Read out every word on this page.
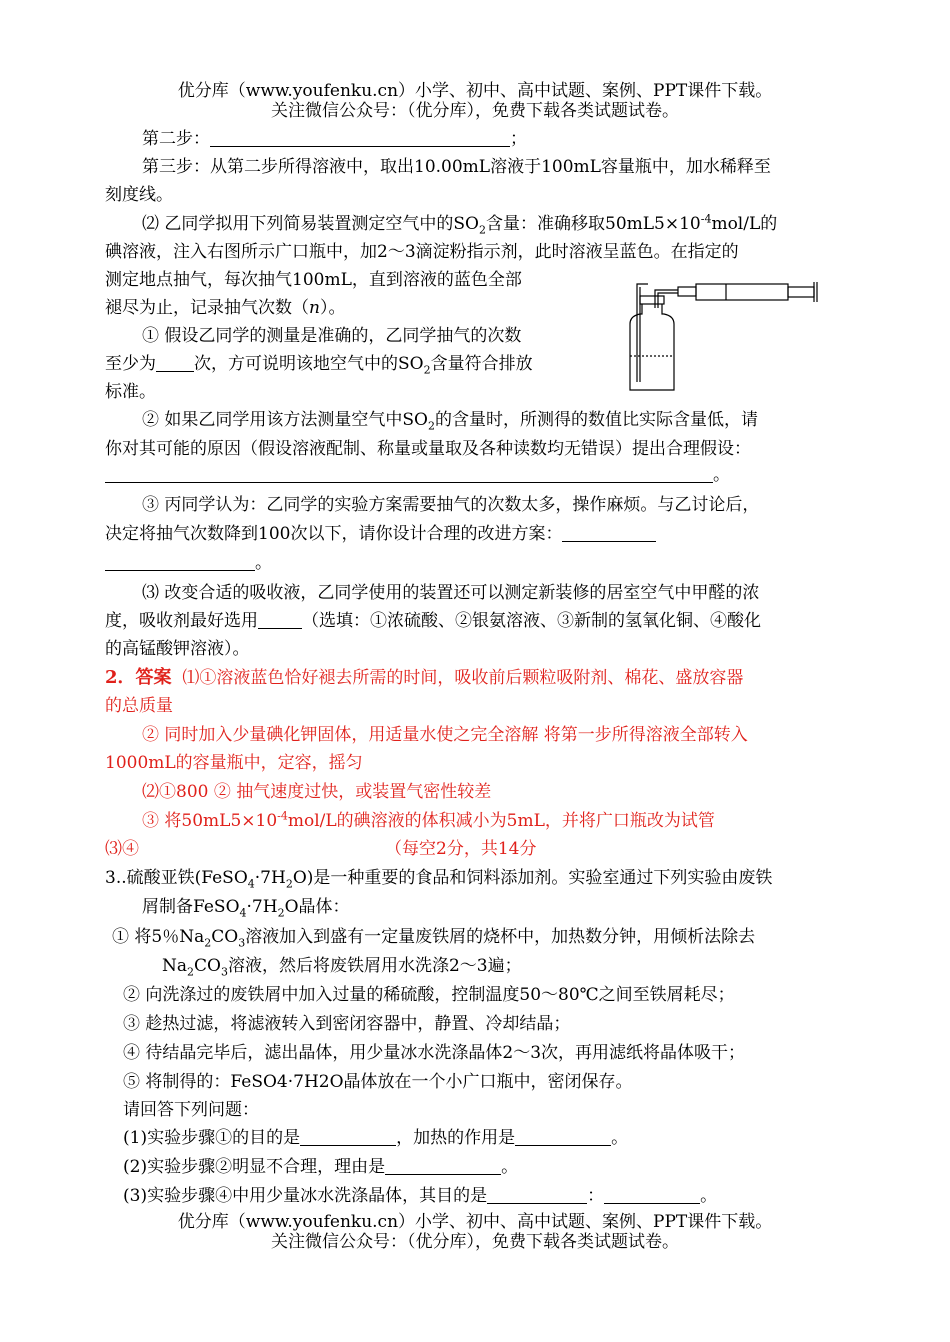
优分库（www.youfenku.cn）小学、初中、高中试题、案例、PPT课件下载。
关注微信公众号：（优分库），免费下载各类试题试卷。
第二步：	；
第三步：从第二步所得溶液中，取出10.00mL溶液于100mL容量瓶中，加水稀释至
刻度线。
⑵ 乙同学拟用下列简易装置测定空气中的$SO_2$含量：准确移取$50mL5\times 10^{-4}mol/L$的
碘溶液，注入右图所示广口瓶中，加2～3滴淀粉指示剂，此时溶液呈蓝色。在指定的
测定地点抽气，每次抽气100mL，直到溶液的蓝色全部
褪尽为止，记录抽气次数（n）。
① 假设乙同学的测量是准确的，乙同学抽气的次数
至少为 次，方可说明该地空气中的$SO_2$含量符合排放
标准。
② 如果乙同学用该方法测量空气中$SO_2$的含量时，所测得的数值比实际含量低，请
你对其可能的原因（假设溶液配制、称量或量取及各种读数均无错误）提出合理假设：
。
③ 丙同学认为：乙同学的实验方案需要抽气的次数太多，操作麻烦。与乙讨论后，
决定将抽气次数降到100次以下，请你设计合理的改进方案：
。
⑶ 改变合适的吸收液，乙同学使用的装置还可以测定新装修的居室空气中甲醛的浓
度，吸收剂最好选用	（选填：①浓硫酸、②银氨溶液、③新制的氢氧化铜、④酸化
的高锰酸钾溶液）。
2．答案 ⑴①溶液蓝色恰好褪去所需的时间，吸收前后颗粒吸附剂、棉花、盛放容器
的总质量
② 同时加入少量碘化钾固体，用适量水使之完全溶解 将第一步所得溶液全部转入
1000mL的容量瓶中，定容，摇匀
⑵①800 ② 抽气速度过快，或装置气密性较差
③ 将$50mL5\times 10^{-4}mol/L$的碘溶液的体积减小为5mL，并将广口瓶改为试管
⑶④	（每空2分，共14分
3..硫酸亚铁$(FeSO_4\cdot 7H_2O)$是一种重要的食品和饲料添加剂。实验室通过下列实验由废铁
屑制备$FeSO_4\cdot 7H_2O$晶体：
① 将5％$Na_2CO_3$溶液加入到盛有一定量废铁屑的烧杯中，加热数分钟，用倾析法除去
$Na_2CO_3$溶液，然后将废铁屑用水洗涤2～3遍；
② 向洗涤过的废铁屑中加入过量的稀硫酸，控制温度50～80℃之间至铁屑耗尽；
③ 趁热过滤，将滤液转入到密闭容器中，静置、冷却结晶；
④ 待结晶完毕后，滤出晶体，用少量冰水洗涤晶体2～3次，再用滤纸将晶体吸干；
⑤ 将制得的：FeSO4·7H2O晶体放在一个小广口瓶中，密闭保存。
请回答下列问题：
(1)实验步骤①的目的是	，加热的作用是	。
(2)实验步骤②明显不合理，理由是	。
(3)实验步骤④中用少量冰水洗涤晶体，其目的是	：	。
优分库（www.youfenku.cn）小学、初中、高中试题、案例、PPT课件下载。
关注微信公众号：（优分库），免费下载各类试题试卷。
